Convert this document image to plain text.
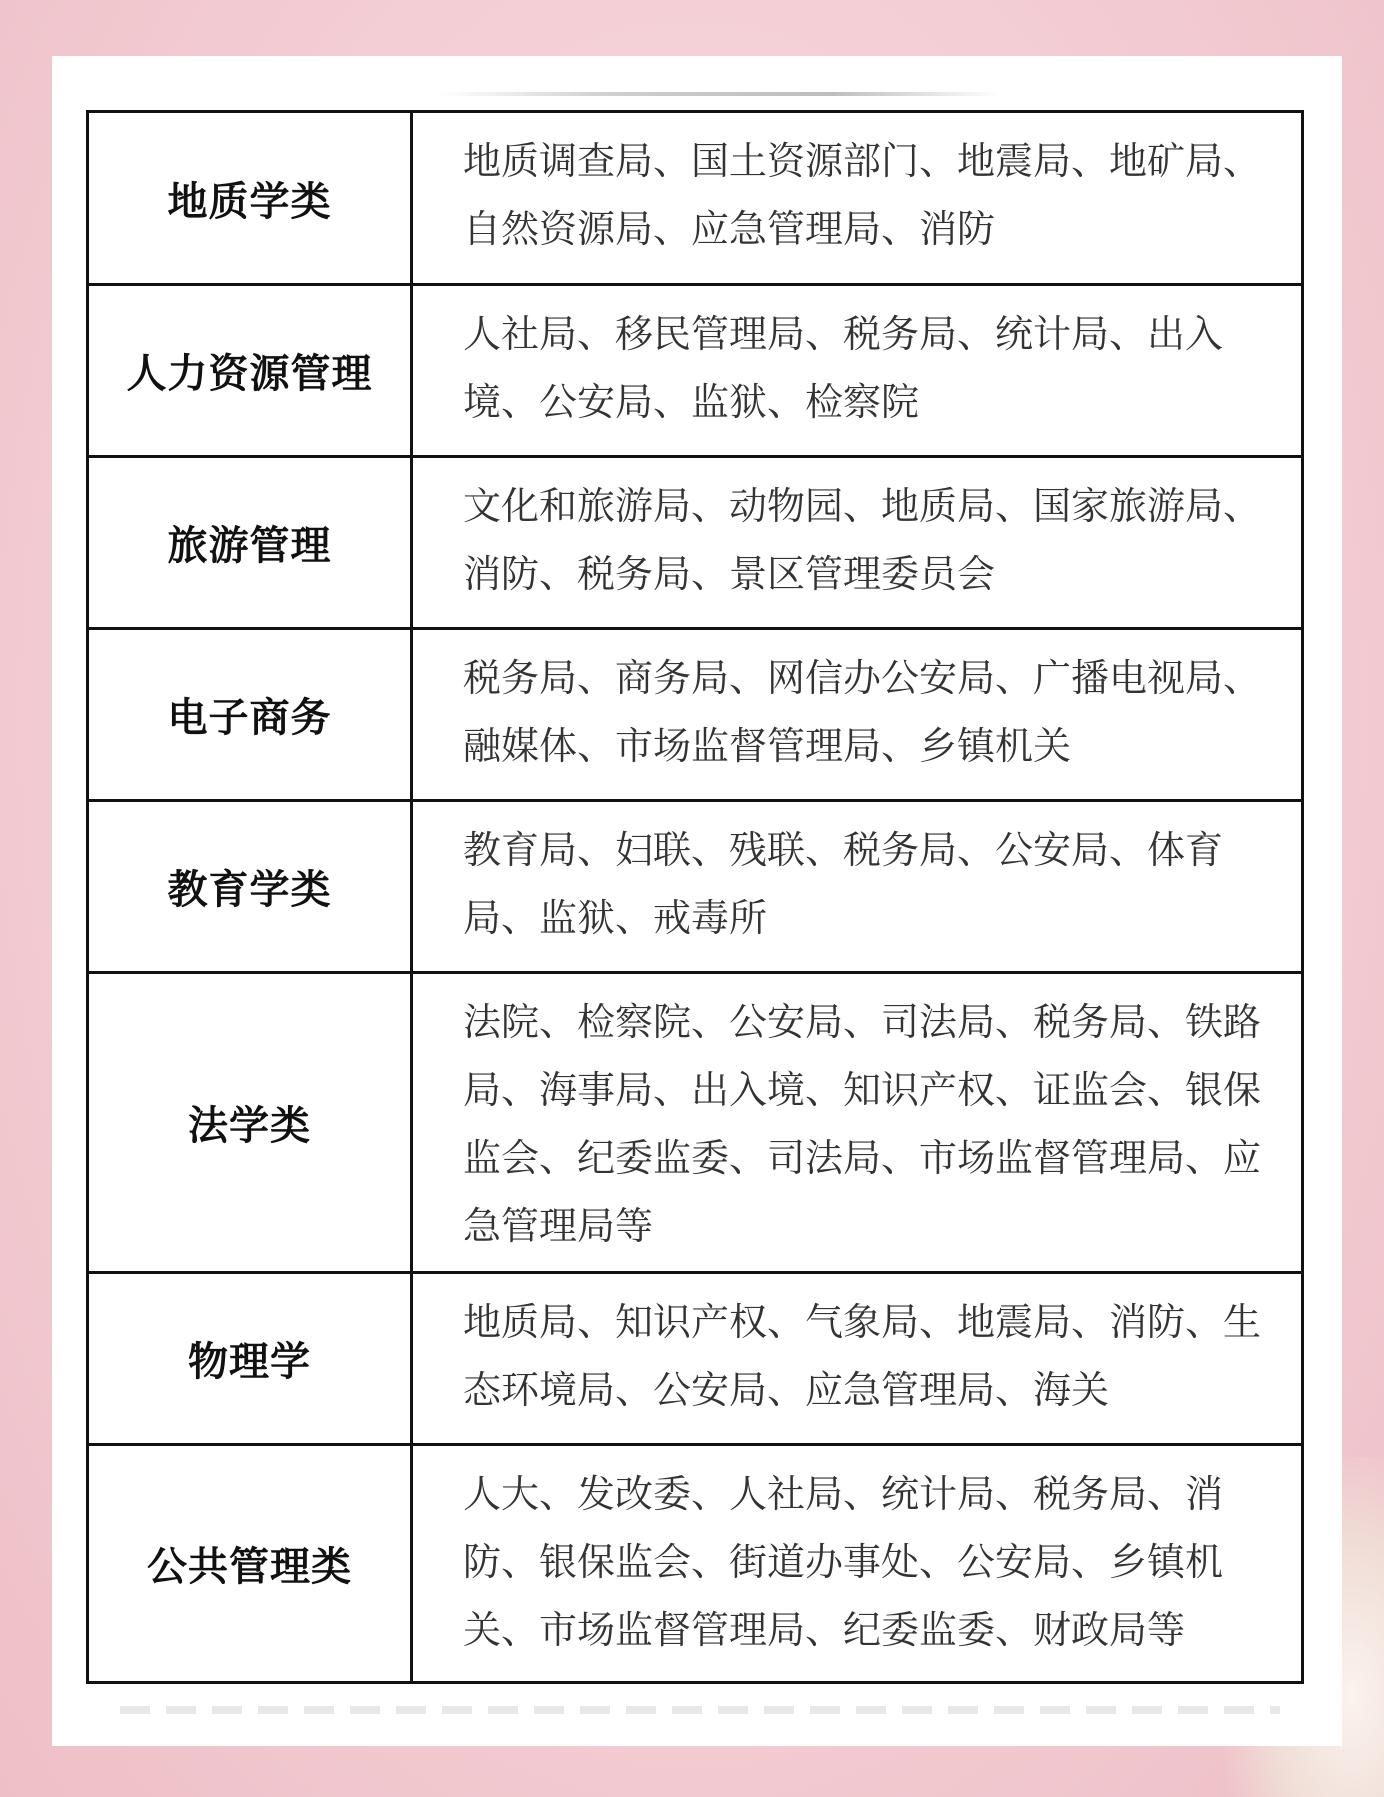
地质学类
地质调查局、国土资源部门、地震局、地矿局、自然资源局、应急管理局、消防
人力资源管理
人社局、移民管理局、税务局、统计局、出入境、公安局、监狱、检察院
旅游管理
文化和旅游局、动物园、地质局、国家旅游局、消防、税务局、景区管理委员会
电子商务
税务局、商务局、网信办公安局、广播电视局、融媒体、市场监督管理局、乡镇机关
教育学类
教育局、妇联、残联、税务局、公安局、体育局、监狱、戒毒所
法学类
法院、检察院、公安局、司法局、税务局、铁路局、海事局、出入境、知识产权、证监会、银保监会、纪委监委、司法局、市场监督管理局、应急管理局等
物理学
地质局、知识产权、气象局、地震局、消防、生态环境局、公安局、应急管理局、海关
公共管理类
人大、发改委、人社局、统计局、税务局、消防、银保监会、街道办事处、公安局、乡镇机关、市场监督管理局、纪委监委、财政局等
